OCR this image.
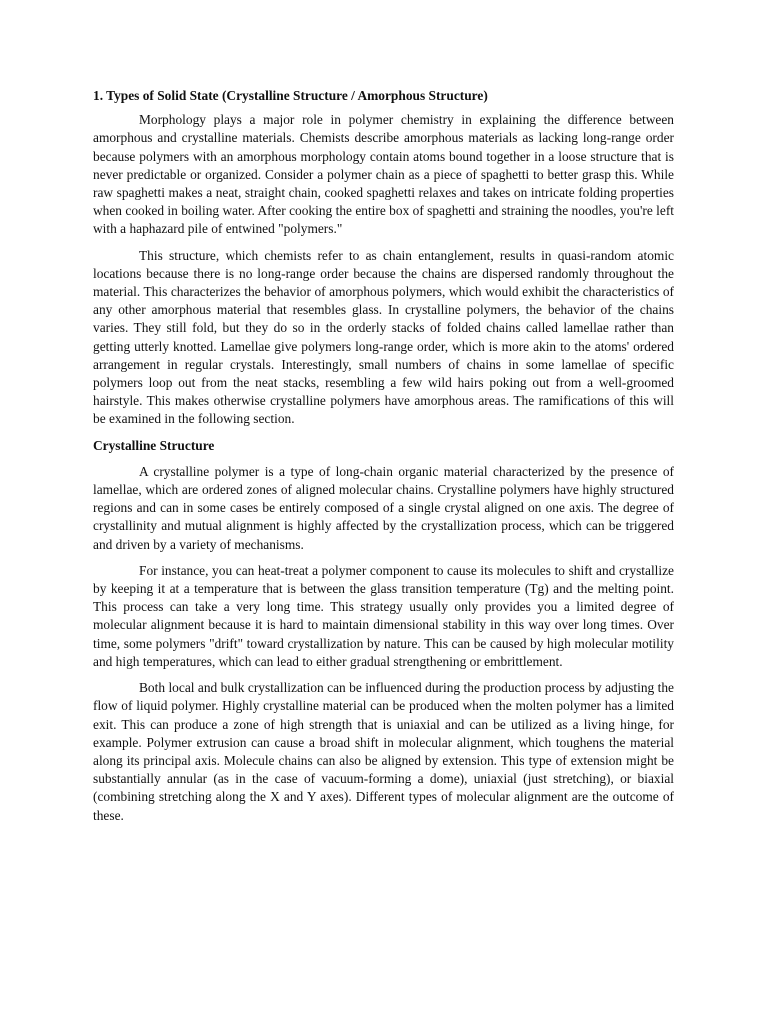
1. Types of Solid State (Crystalline Structure / Amorphous Structure)

Morphology plays a major role in polymer chemistry in explaining the difference between amorphous and crystalline materials. Chemists describe amorphous materials as lacking long-range order because polymers with an amorphous morphology contain atoms bound together in a loose structure that is never predictable or organized. Consider a polymer chain as a piece of spaghetti to better grasp this. While raw spaghetti makes a neat, straight chain, cooked spaghetti relaxes and takes on intricate folding properties when cooked in boiling water. After cooking the entire box of spaghetti and straining the noodles, you're left with a haphazard pile of entwined "polymers."

This structure, which chemists refer to as chain entanglement, results in quasi-random atomic locations because there is no long-range order because the chains are dispersed randomly throughout the material. This characterizes the behavior of amorphous polymers, which would exhibit the characteristics of any other amorphous material that resembles glass. In crystalline polymers, the behavior of the chains varies. They still fold, but they do so in the orderly stacks of folded chains called lamellae rather than getting utterly knotted. Lamellae give polymers long-range order, which is more akin to the atoms' ordered arrangement in regular crystals. Interestingly, small numbers of chains in some lamellae of specific polymers loop out from the neat stacks, resembling a few wild hairs poking out from a well-groomed hairstyle. This makes otherwise crystalline polymers have amorphous areas. The ramifications of this will be examined in the following section.

Crystalline Structure

A crystalline polymer is a type of long-chain organic material characterized by the presence of lamellae, which are ordered zones of aligned molecular chains. Crystalline polymers have highly structured regions and can in some cases be entirely composed of a single crystal aligned on one axis. The degree of crystallinity and mutual alignment is highly affected by the crystallization process, which can be triggered and driven by a variety of mechanisms.

For instance, you can heat-treat a polymer component to cause its molecules to shift and crystallize by keeping it at a temperature that is between the glass transition temperature (Tg) and the melting point. This process can take a very long time. This strategy usually only provides you a limited degree of molecular alignment because it is hard to maintain dimensional stability in this way over long times. Over time, some polymers "drift" toward crystallization by nature. This can be caused by high molecular motility and high temperatures, which can lead to either gradual strengthening or embrittlement.

Both local and bulk crystallization can be influenced during the production process by adjusting the flow of liquid polymer. Highly crystalline material can be produced when the molten polymer has a limited exit. This can produce a zone of high strength that is uniaxial and can be utilized as a living hinge, for example. Polymer extrusion can cause a broad shift in molecular alignment, which toughens the material along its principal axis. Molecule chains can also be aligned by extension. This type of extension might be substantially annular (as in the case of vacuum-forming a dome), uniaxial (just stretching), or biaxial (combining stretching along the X and Y axes). Different types of molecular alignment are the outcome of these.
